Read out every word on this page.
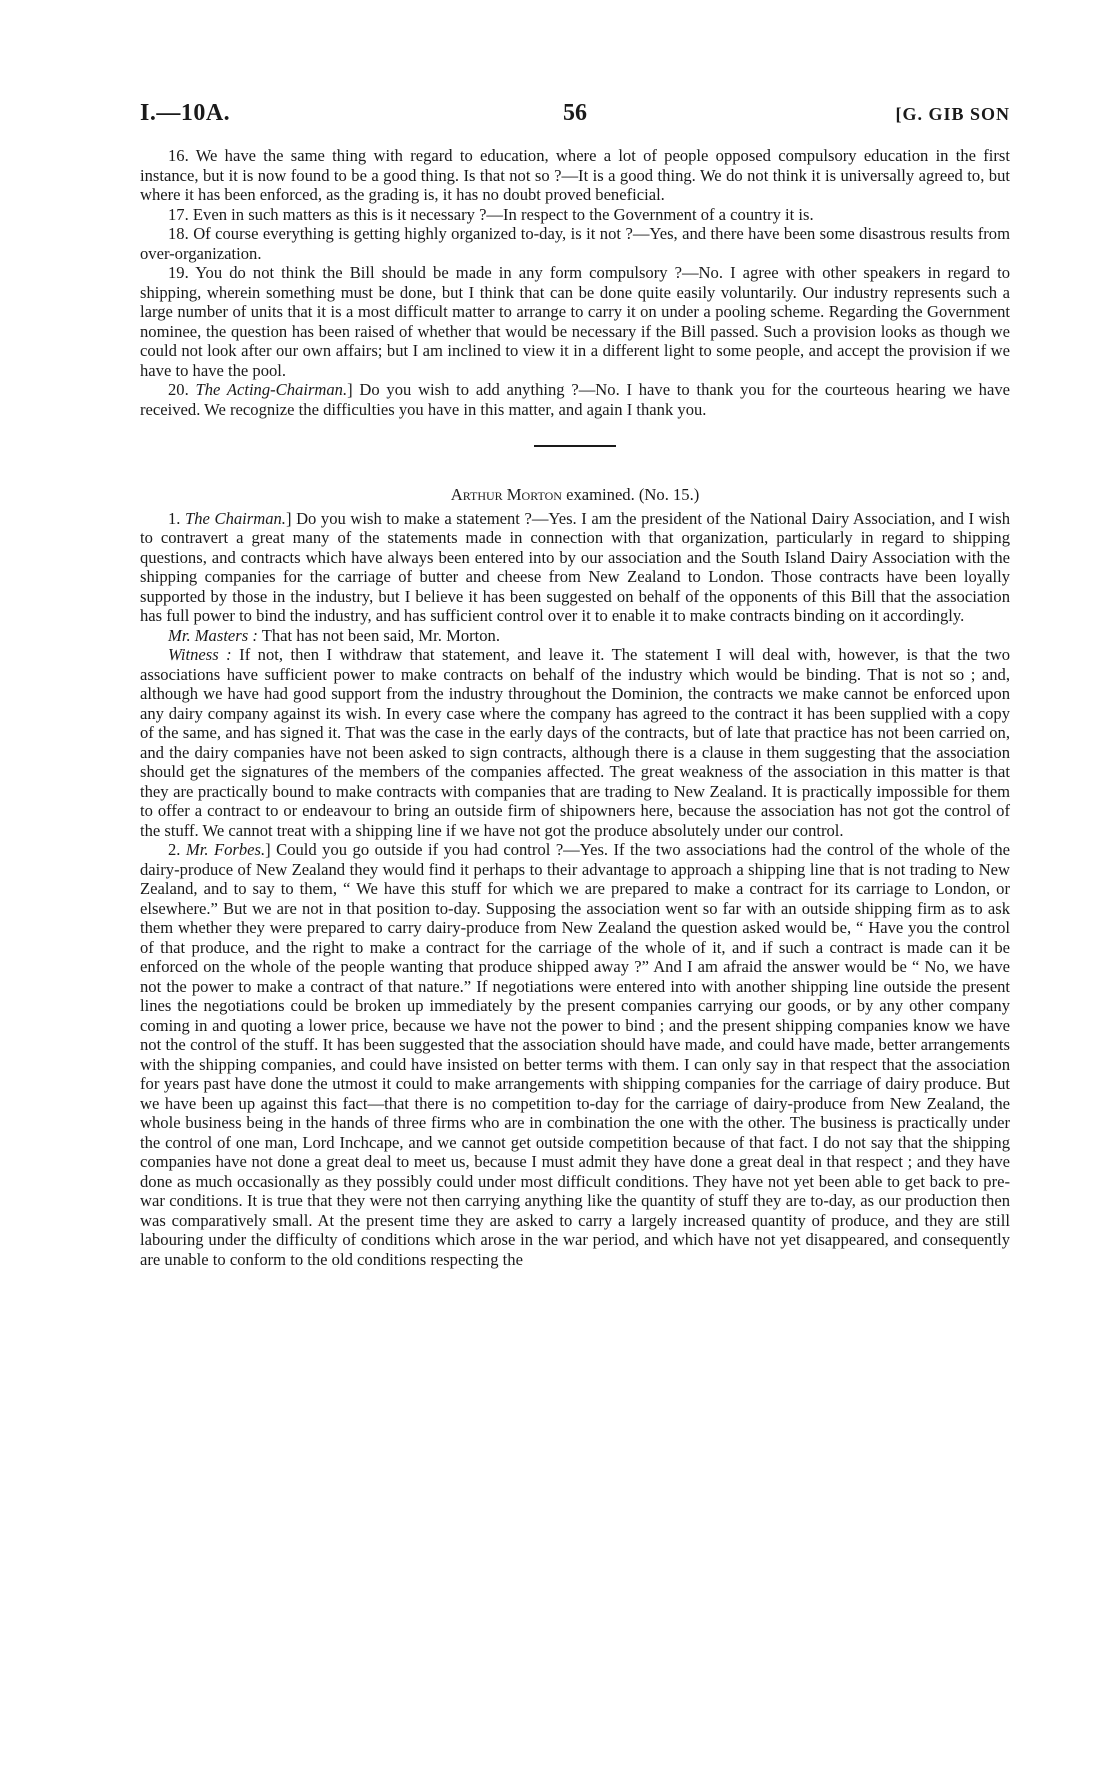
I.—10A.	56	[G. GIB SON

16. We have the same thing with regard to education, where a lot of people opposed compulsory education in the first instance, but it is now found to be a good thing. Is that not so ?—It is a good thing. We do not think it is universally agreed to, but where it has been enforced, as the grading is, it has no doubt proved beneficial.

17. Even in such matters as this is it necessary ?—In respect to the Government of a country it is.

18. Of course everything is getting highly organized to-day, is it not ?—Yes, and there have been some disastrous results from over-organization.

19. You do not think the Bill should be made in any form compulsory ?—No. I agree with other speakers in regard to shipping, wherein something must be done, but I think that can be done quite easily voluntarily. Our industry represents such a large number of units that it is a most difficult matter to arrange to carry it on under a pooling scheme. Regarding the Government nominee, the question has been raised of whether that would be necessary if the Bill passed. Such a provision looks as though we could not look after our own affairs; but I am inclined to view it in a different light to some people, and accept the provision if we have to have the pool.

20. The Acting-Chairman.] Do you wish to add anything ?—No. I have to thank you for the courteous hearing we have received. We recognize the difficulties you have in this matter, and again I thank you.

Arthur Morton examined. (No. 15.)

1. The Chairman.] Do you wish to make a statement ?—Yes. I am the president of the National Dairy Association, and I wish to contravert a great many of the statements made in connection with that organization, particularly in regard to shipping questions, and contracts which have always been entered into by our association and the South Island Dairy Association with the shipping companies for the carriage of butter and cheese from New Zealand to London. Those contracts have been loyally supported by those in the industry, but I believe it has been suggested on behalf of the opponents of this Bill that the association has full power to bind the industry, and has sufficient control over it to enable it to make contracts binding on it accordingly.

Mr. Masters : That has not been said, Mr. Morton.

Witness : If not, then I withdraw that statement, and leave it. The statement I will deal with, however, is that the two associations have sufficient power to make contracts on behalf of the industry which would be binding. That is not so ; and, although we have had good support from the industry throughout the Dominion, the contracts we make cannot be enforced upon any dairy company against its wish. In every case where the company has agreed to the contract it has been supplied with a copy of the same, and has signed it. That was the case in the early days of the contracts, but of late that practice has not been carried on, and the dairy companies have not been asked to sign contracts, although there is a clause in them suggesting that the association should get the signatures of the members of the companies affected. The great weakness of the association in this matter is that they are practically bound to make contracts with companies that are trading to New Zealand. It is practically impossible for them to offer a contract to or endeavour to bring an outside firm of shipowners here, because the association has not got the control of the stuff. We cannot treat with a shipping line if we have not got the produce absolutely under our control.

2. Mr. Forbes.] Could you go outside if you had control ?—Yes. If the two associations had the control of the whole of the dairy-produce of New Zealand they would find it perhaps to their advantage to approach a shipping line that is not trading to New Zealand, and to say to them, “ We have this stuff for which we are prepared to make a contract for its carriage to London, or elsewhere.” But we are not in that position to-day. Supposing the association went so far with an outside shipping firm as to ask them whether they were prepared to carry dairy-produce from New Zealand the question asked would be, “ Have you the control of that produce, and the right to make a contract for the carriage of the whole of it, and if such a contract is made can it be enforced on the whole of the people wanting that produce shipped away ?” And I am afraid the answer would be “ No, we have not the power to make a contract of that nature.” If negotiations were entered into with another shipping line outside the present lines the negotiations could be broken up immediately by the present companies carrying our goods, or by any other company coming in and quoting a lower price, because we have not the power to bind ; and the present shipping companies know we have not the control of the stuff. It has been suggested that the association should have made, and could have made, better arrangements with the shipping companies, and could have insisted on better terms with them. I can only say in that respect that the association for years past have done the utmost it could to make arrangements with shipping companies for the carriage of dairy produce. But we have been up against this fact—that there is no competition to-day for the carriage of dairy-produce from New Zealand, the whole business being in the hands of three firms who are in combination the one with the other. The business is practically under the control of one man, Lord Inchcape, and we cannot get outside competition because of that fact. I do not say that the shipping companies have not done a great deal to meet us, because I must admit they have done a great deal in that respect ; and they have done as much occasionally as they possibly could under most difficult conditions. They have not yet been able to get back to pre-war conditions. It is true that they were not then carrying anything like the quantity of stuff they are to-day, as our production then was comparatively small. At the present time they are asked to carry a largely increased quantity of produce, and they are still labouring under the difficulty of conditions which arose in the war period, and which have not yet disappeared, and consequently are unable to conform to the old conditions respecting the
